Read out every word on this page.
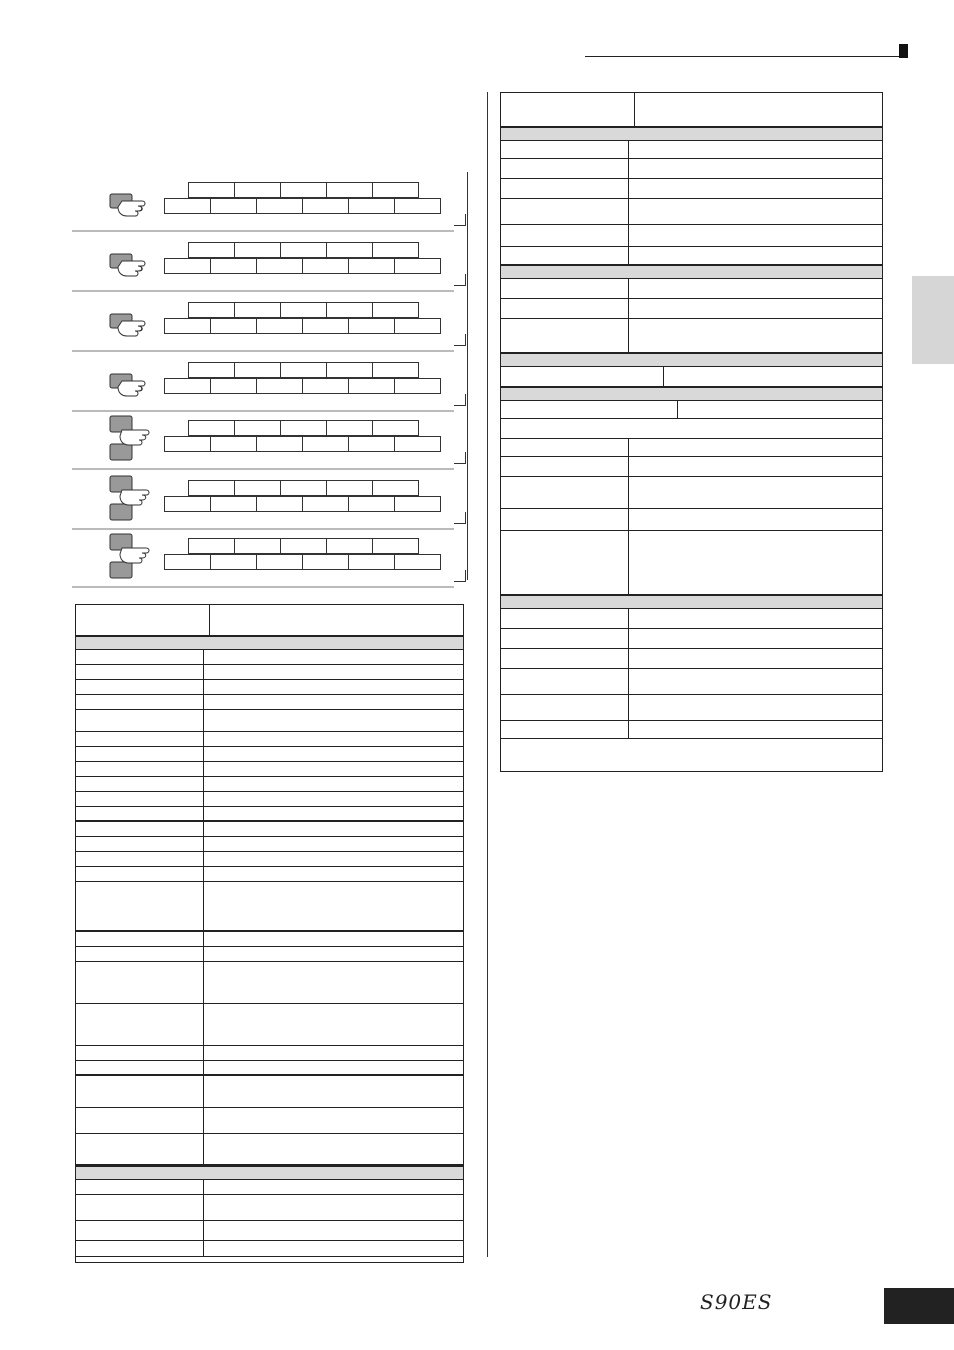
S90ES
